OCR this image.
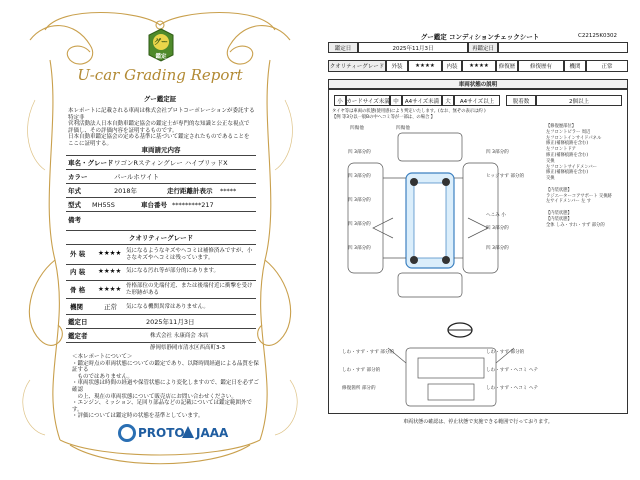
グー
鑑定
U-car Grading Report
グー鑑定証
本レポートに記載される車両は株式会社プロトコーポレーションが委託する特定非
営利活動法人日本自動車鑑定協会の鑑定士が専門的な知識と公正な視点で
評価し、その評価内容を証明するものです。
日本自動車鑑定協会の定める基準に基づいて鑑定されたものであることを
ここに証明する。
車両請元内容
車名・グレード ワゴンRスティングレー ハイブリッドX
カラー	パールホワイト
年式	2018年	走行距離計表示 *****
型式 MH55S	車台番号 *********217
備考
クオリティーグレード
外 装 ★★★★ 気になるようなキズやヘコミは補修済みですが、小さなキズやヘコミは残っています。
内 装 ★★★★ 気になる汚れ等が部分的にあります。
骨 格 ★★★★ 骨格部位の先端付近、または後端付近に衝撃を受けた形跡がある
機関	正常 気になる機関異常はありません。
鑑定日	2025年11月3日
鑑定者	株式会社 永康商会 本店
静岡県静岡市清水区西高町3-3
＜本レポートについて＞
・鑑定時点の車両状態についての鑑定であり、以降時間経過による品質を保証する
　ものではありません。
・車両状態は時間の経過や保管状態により変化しますので、鑑定日を必ずご確認
　の上、現在の車両状態について販売店にお問い合わせください。
・エンジン、ミッション、足回り部品などの記載については鑑定範囲外です。
・評価については鑑定時の状態を基準としています。
PROTO JAAA
グー鑑定 コンディションチェックシート	C22125K0302
鑑定日	2025年11月3日	再鑑定日
クオリティーグレード	外装	★★★★	内装	★★★★	修復歴	修復歴有	機関	正常
車両状態の説明
小 カードサイズ未満 中	A4サイズ未満	大	A4サイズ以上	脱着数	2個以上
タイヤ等は車両の状態(使用感)により判定いたします。(なお、無ぞの表示は約 )
【例 等3分以一般Bの中へコミ等が一部は、の場合 】
凹傷他	凹傷他
凹 3部分的	凹 3部分的
凹 3部分的	ヒッジすず 部分的
凹 3部分的
へこみ 小
凹 3部分的
凹 3部分的
凹 3部分的	凹 3部分的
しわ・すず・すず 部分的	しわ・すず 部分的
しわ・すず 部分的	しわ・すず・ヘコミ ヘテ
修復箇所 部分的	しわ・すず・ヘコミ ヘテ
【修復歴部位】
左フロントピラー 周辺
左フロントインサイドパネル
修正(補修痕跡を含む)
左フロントドア
修正(補修痕跡を含む)
交換
左フロントサイドメンバー
修正(補修痕跡を含む)
交換

【内装状態】
ラジエーターコアサポート 交換跡
左サイドメンバー 左 す

【内装状態】
【内装状態】
全体 しみ・すれ・すず 部分的
車両状態の確認は、停止状態で実施できる範囲で行っております。
